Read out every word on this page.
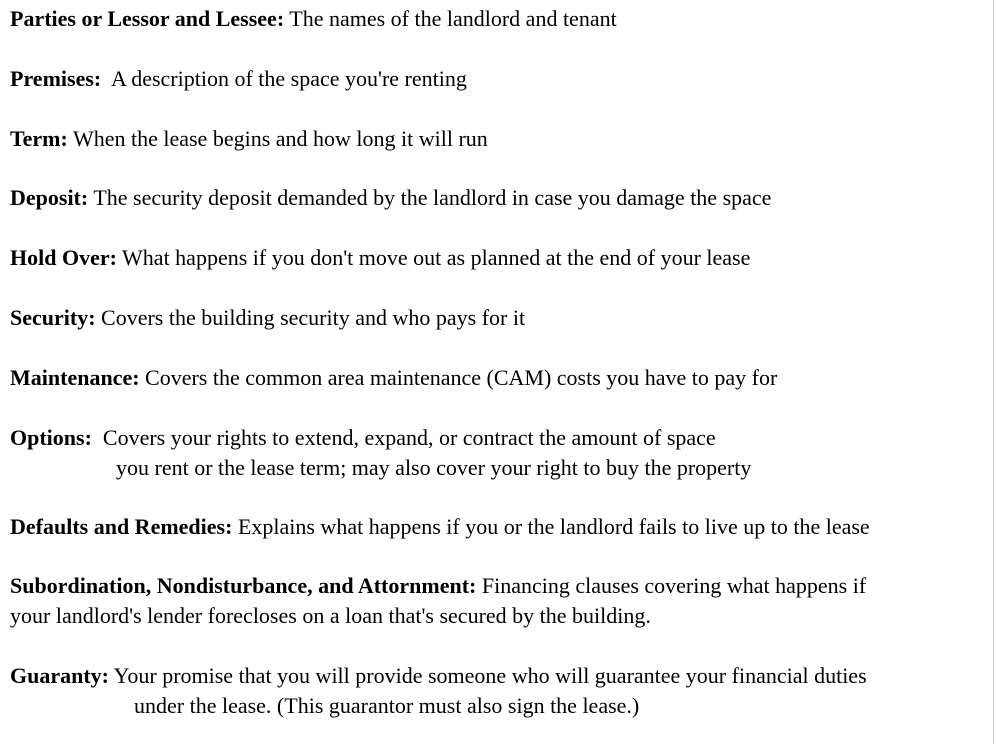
Parties or Lessor and Lessee: The names of the landlord and tenant
Premises:  A description of the space you're renting
Term: When the lease begins and how long it will run
Deposit: The security deposit demanded by the landlord in case you damage the space
Hold Over: What happens if you don't move out as planned at the end of your lease
Security: Covers the building security and who pays for it
Maintenance: Covers the common area maintenance (CAM) costs you have to pay for
Options:  Covers your rights to extend, expand, or contract the amount of space
you rent or the lease term; may also cover your right to buy the property
Defaults and Remedies: Explains what happens if you or the landlord fails to live up to the lease
Subordination, Nondisturbance, and Attornment: Financing clauses covering what happens if
your landlord's lender forecloses on a loan that's secured by the building.
Guaranty: Your promise that you will provide someone who will guarantee your financial duties
under the lease. (This guarantor must also sign the lease.)
